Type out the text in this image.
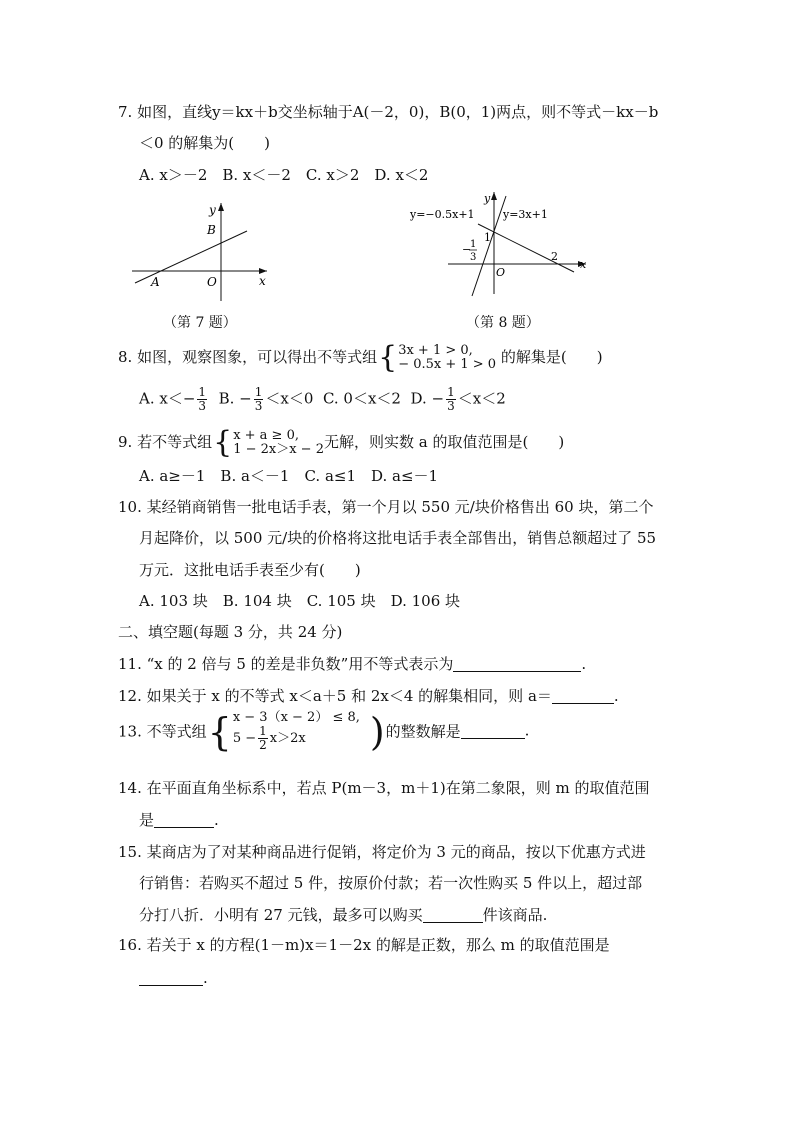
7. 如图，直线y＝kx＋b交坐标轴于A(－2，0)，B(0，1)两点，则不等式－kx－b
＜0 的解集为(　　)
A. x＞－2　B. x＜－2　C. x＞2　D. x＜2
y
B
O
A	x
（第 7 题）
y=−0.5x+1
y
y=3x+1
1
−
1
3
O
2
x
（第 8 题）
8. 如图，观察图象，可以得出不等式组{3x + 1 > 0,
− 0.5x + 1 > 0 的解集是(　　)
A. $x<- \frac{1}{3} B$. − $\frac{1}{3} <x<0$ C. 0＜x＜2 D. − $\frac{1}{3} <x<2$
9. 若不等式组{x + a ≥ 0,
1 − 2x＞x − 2无解，则实数 a 的取值范围是(　　)
A. a≥－1　B. a＜－1　C. a≤1　D. a≤－1
10. 某经销商销售一批电话手表，第一个月以 550 元/块价格售出 60 块，第二个
月起降价，以 500 元/块的价格将这批电话手表全部售出，销售总额超过了 55
万元．这批电话手表至少有(　　)
A. 103 块　B. 104 块　C. 105 块　D. 106 块
二、填空题(每题 3 分，共 24 分)
11. “x 的 2 倍与 5 的差是非负数”用不等式表示为	.
12. 如果关于 x 的不等式 x＜a＋5 和 2x＜4 的解集相同，则 a＝	.
13. 不等式组{x − 3（x − 2） ≤ 8,
$5 - \frac{1}{2} x>2x$ )的整数解是	.
14. 在平面直角坐标系中，若点 P(m－3，m＋1)在第二象限，则 m 的取值范围
是	.
15. 某商店为了对某种商品进行促销，将定价为 3 元的商品，按以下优惠方式进
行销售：若购买不超过 5 件，按原价付款；若一次性购买 5 件以上，超过部
分打八折．小明有 27 元钱，最多可以购买	件该商品.
16. 若关于 x 的方程(1－m)x＝1－2x 的解是正数，那么 m 的取值范围是
.
